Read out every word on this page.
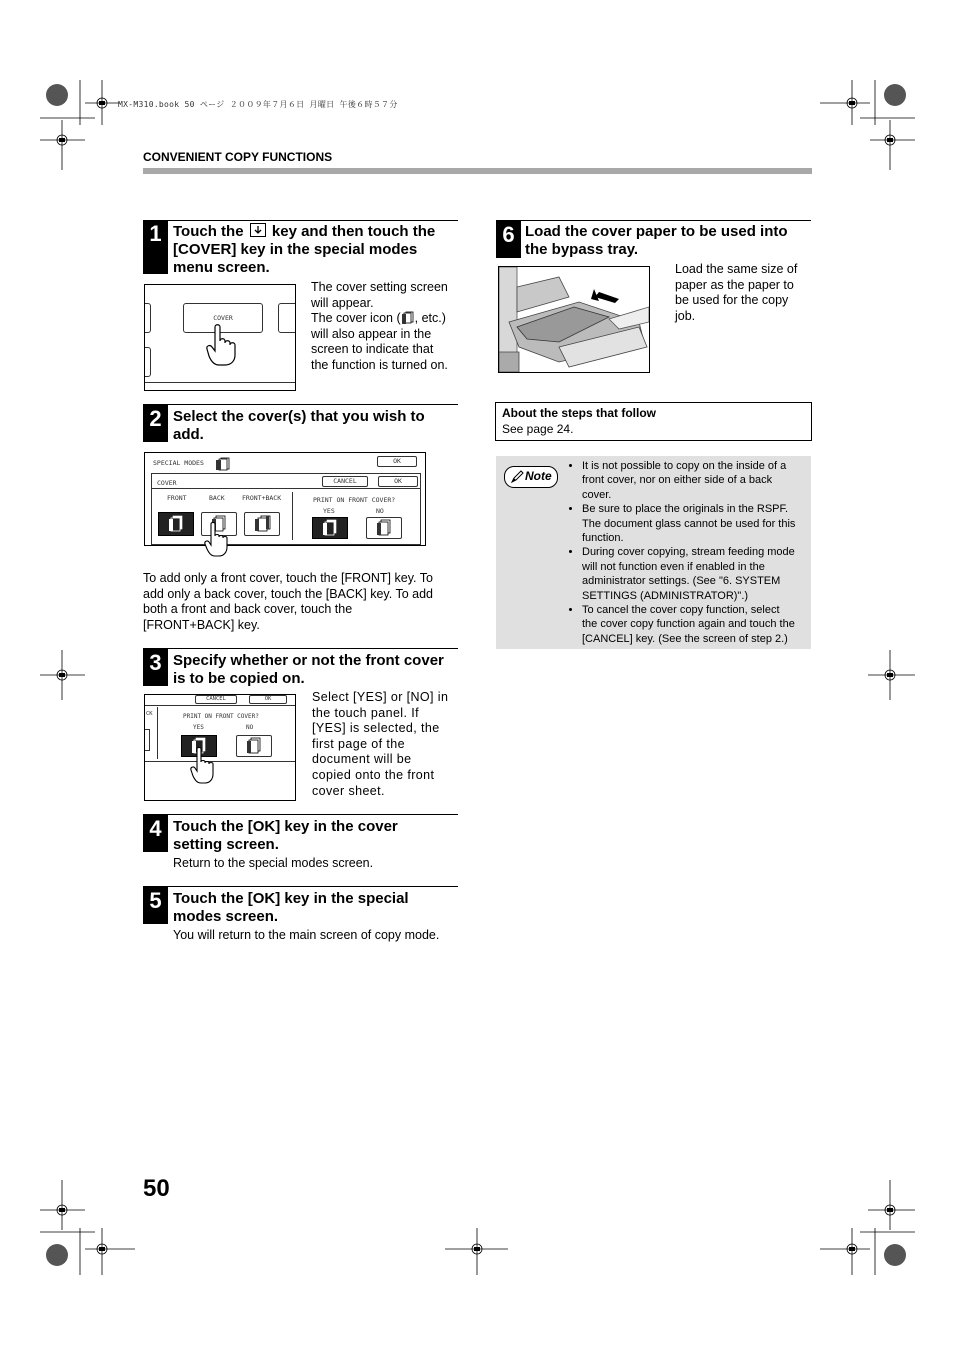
MX-M310.book 50 ページ ２００９年７月６日 月曜日 午後６時５７分
CONVENIENT COPY FUNCTIONS
1 Touch the key and then touch the
[COVER] key in the special modes
menu screen.
COVER
The cover setting screen
will appear.
The cover icon ( , etc.)
will also appear in the
screen to indicate that
the function is turned on.
2 Select the cover(s) that you wish to
add.
SPECIAL MODES	OK
COVER	CANCEL	OK
FRONT	BACK	FRONT+BACK	PRINT ON FRONT COVER?
YES	NO
To add only a front cover, touch the [FRONT] key. To
add only a back cover, touch the [BACK] key. To add
both a front and back cover, touch the
[FRONT+BACK] key.
3 Specify whether or not the front cover
is to be copied on.
CANCEL	OK
CK	PRINT ON FRONT COVER?
YES	NO
Select [YES] or [NO] in
the touch panel. If
[YES] is selected, the
first page of the
document will be
copied onto the front
cover sheet.
4 Touch the [OK] key in the cover
setting screen.
Return to the special modes screen.
5 Touch the [OK] key in the special
modes screen.
You will return to the main screen of copy mode.
6 Load the cover paper to be used into
the bypass tray.
Load the same size of
paper as the paper to
be used for the copy
job.
About the steps that follow
See page 24.
Note
• It is not possible to copy on the inside of a
front cover, nor on either side of a back
cover.
• Be sure to place the originals in the RSPF.
The document glass cannot be used for this
function.
• During cover copying, stream feeding mode
will not function even if enabled in the
administrator settings. (See "6. SYSTEM
SETTINGS (ADMINISTRATOR)".)
• To cancel the cover copy function, select
the cover copy function again and touch the
[CANCEL] key. (See the screen of step 2.)
50
